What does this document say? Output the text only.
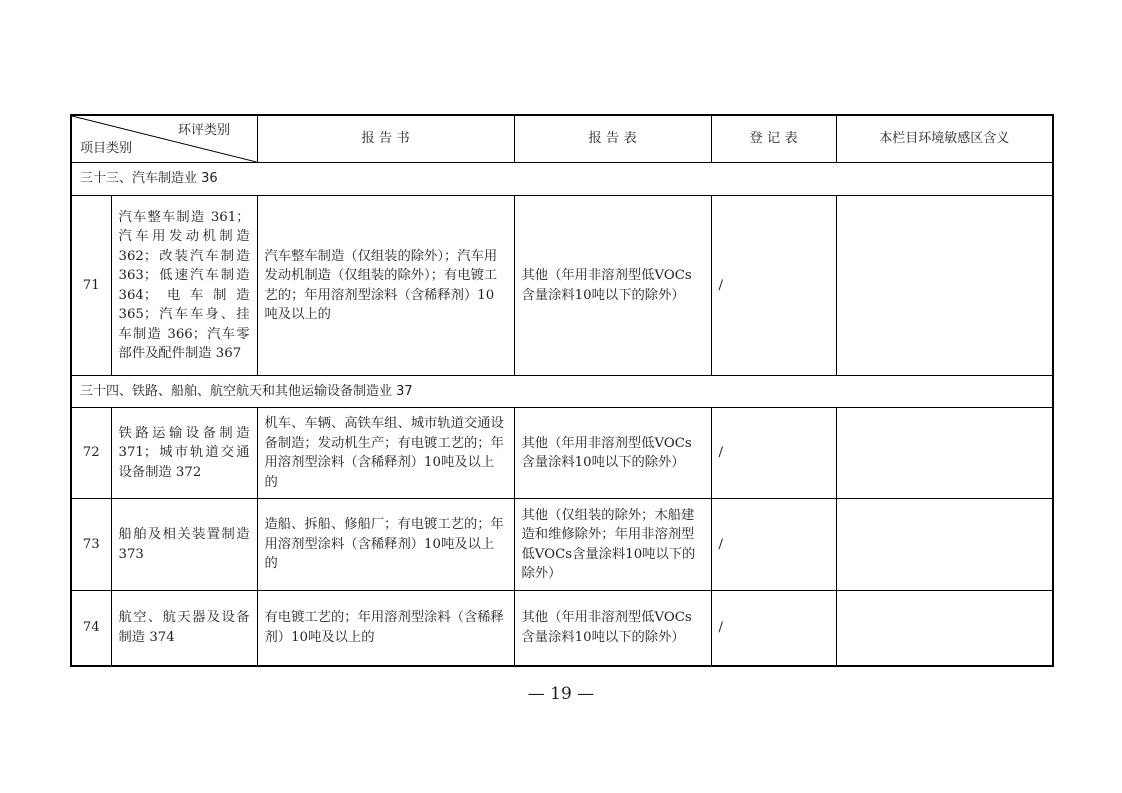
环评类别
项目类别		报 告 书	报 告 表	登 记 表	本栏目环境敏感区含义
三十三、汽车制造业 36					
71	汽车整车制造 361；汽车用发动机制造 362；改装汽车制造 363；低速汽车制造 364；电车制造 365；汽车车身、挂车制造 366；汽车零部件及配件制造 367	汽车整车制造（仅组装的除外）；汽车用发动机制造（仅组装的除外）；有电镀工艺的；年用溶剂型涂料（含稀释剂）10吨及以上的	其他（年用非溶剂型低VOCs含量涂料10吨以下的除外）	/	
三十四、铁路、船舶、航空航天和其他运输设备制造业 37					
72	铁路运输设备制造 371；城市轨道交通设备制造 372	机车、车辆、高铁车组、城市轨道交通设备制造；发动机生产；有电镀工艺的；年用溶剂型涂料（含稀释剂）10吨及以上的	其他（年用非溶剂型低VOCs含量涂料10吨以下的除外）	/	
73	船舶及相关装置制造 373	造船、拆船、修船厂；有电镀工艺的；年用溶剂型涂料（含稀释剂）10吨及以上的	其他（仅组装的除外；木船建造和维修除外；年用非溶剂型低VOCs含量涂料10吨以下的除外）	/	
74	航空、航天器及设备制造 374	有电镀工艺的；年用溶剂型涂料（含稀释剂）10吨及以上的	其他（年用非溶剂型低VOCs含量涂料10吨以下的除外）	/	
— 19 —
